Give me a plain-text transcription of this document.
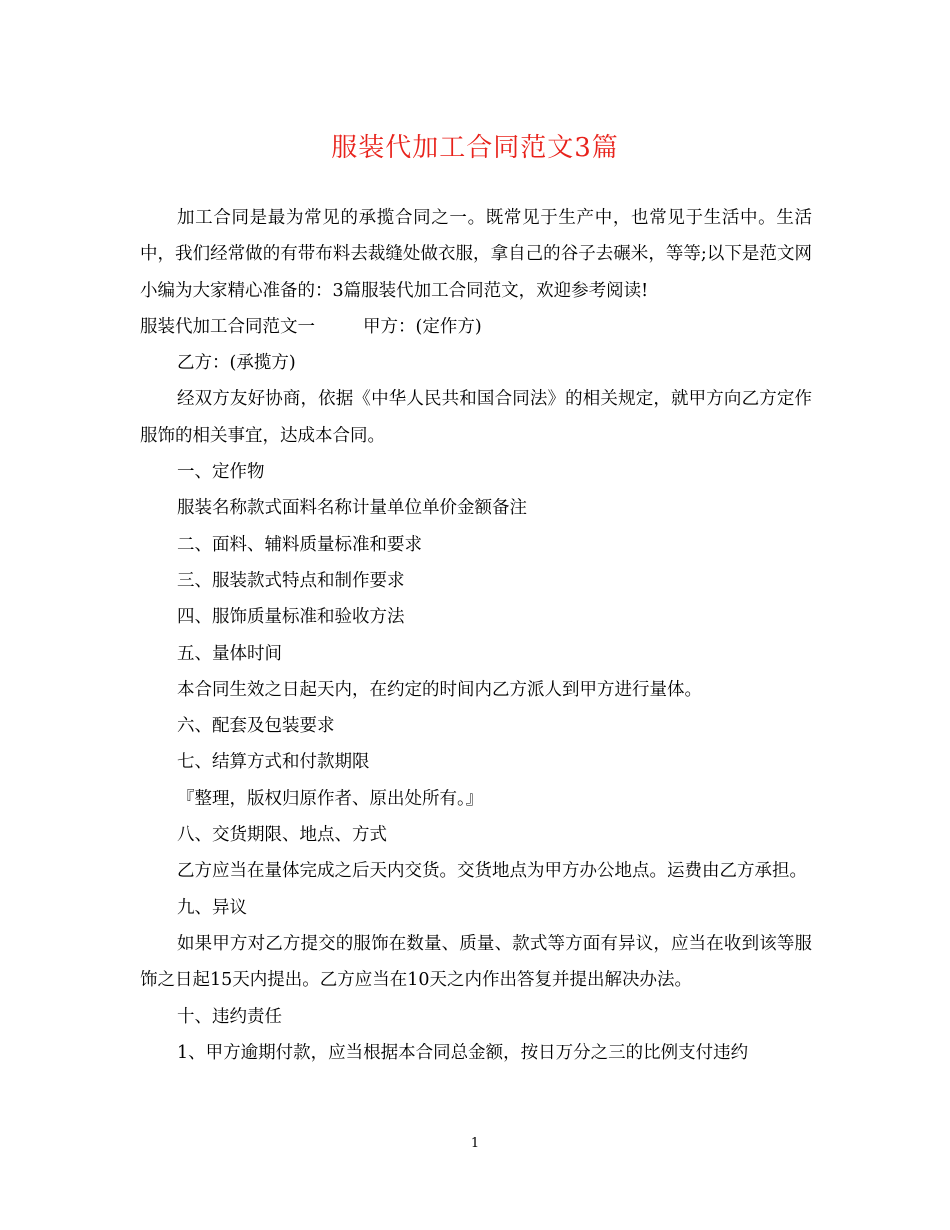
服装代加工合同范文3篇

加工合同是最为常见的承揽合同之一。既常见于生产中，也常见于生活中。生活中，我们经常做的有带布料去裁缝处做衣服，拿自己的谷子去碾米，等等;以下是范文网小编为大家精心准备的：3篇服装代加工合同范文，欢迎参考阅读!

服装代加工合同范文一	甲方：(定作方)

乙方：(承揽方)

经双方友好协商，依据《中华人民共和国合同法》的相关规定，就甲方向乙方定作服饰的相关事宜，达成本合同。

一、定作物

服装名称款式面料名称计量单位单价金额备注

二、面料、辅料质量标准和要求

三、服装款式特点和制作要求

四、服饰质量标准和验收方法

五、量体时间

本合同生效之日起天内，在约定的时间内乙方派人到甲方进行量体。

六、配套及包装要求

七、结算方式和付款期限

『整理，版权归原作者、原出处所有。』

八、交货期限、地点、方式

乙方应当在量体完成之后天内交货。交货地点为甲方办公地点。运费由乙方承担。

九、异议

如果甲方对乙方提交的服饰在数量、质量、款式等方面有异议，应当在收到该等服饰之日起15天内提出。乙方应当在10天之内作出答复并提出解决办法。

十、违约责任

1、甲方逾期付款，应当根据本合同总金额，按日万分之三的比例支付违约

1
